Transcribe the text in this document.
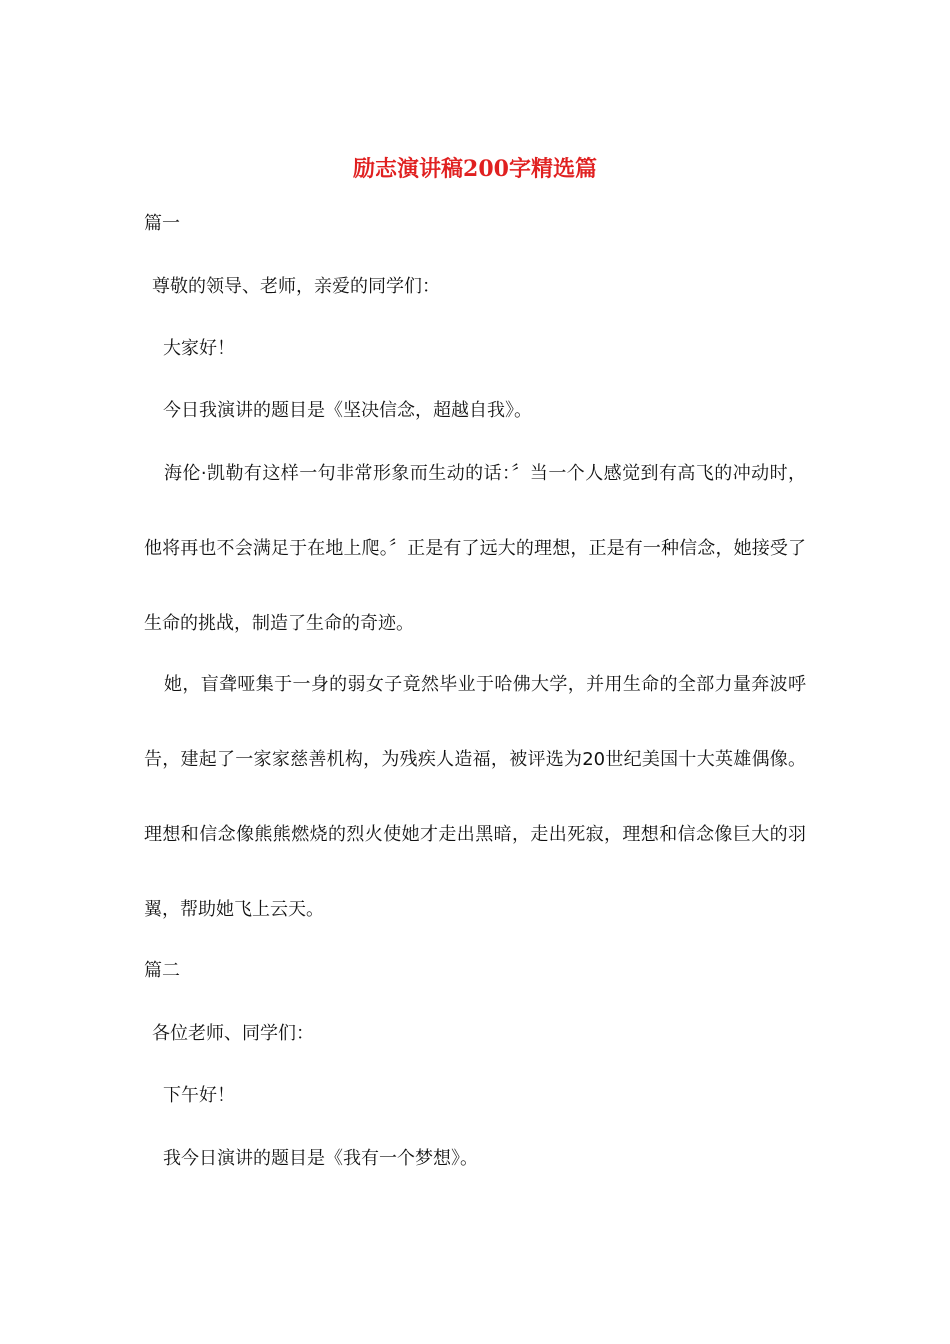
励志演讲稿200字精选篇

篇一

尊敬的领导、老师，亲爱的同学们：

大家好！

今日我演讲的题目是《坚决信念，超越自我》。

海伦·凯勒有这样一句非常形象而生动的话：〞当一个人感觉到有高飞的冲动时，他将再也不会满足于在地上爬。〞正是有了远大的理想，正是有一种信念，她接受了生命的挑战，制造了生命的奇迹。

她，盲聋哑集于一身的弱女子竟然毕业于哈佛大学，并用生命的全部力量奔波呼告，建起了一家家慈善机构，为残疾人造福，被评选为20世纪美国十大英雄偶像。理想和信念像熊熊燃烧的烈火使她才走出黑暗，走出死寂，理想和信念像巨大的羽翼，帮助她飞上云天。

篇二

各位老师、同学们：

下午好！

我今日演讲的题目是《我有一个梦想》。
